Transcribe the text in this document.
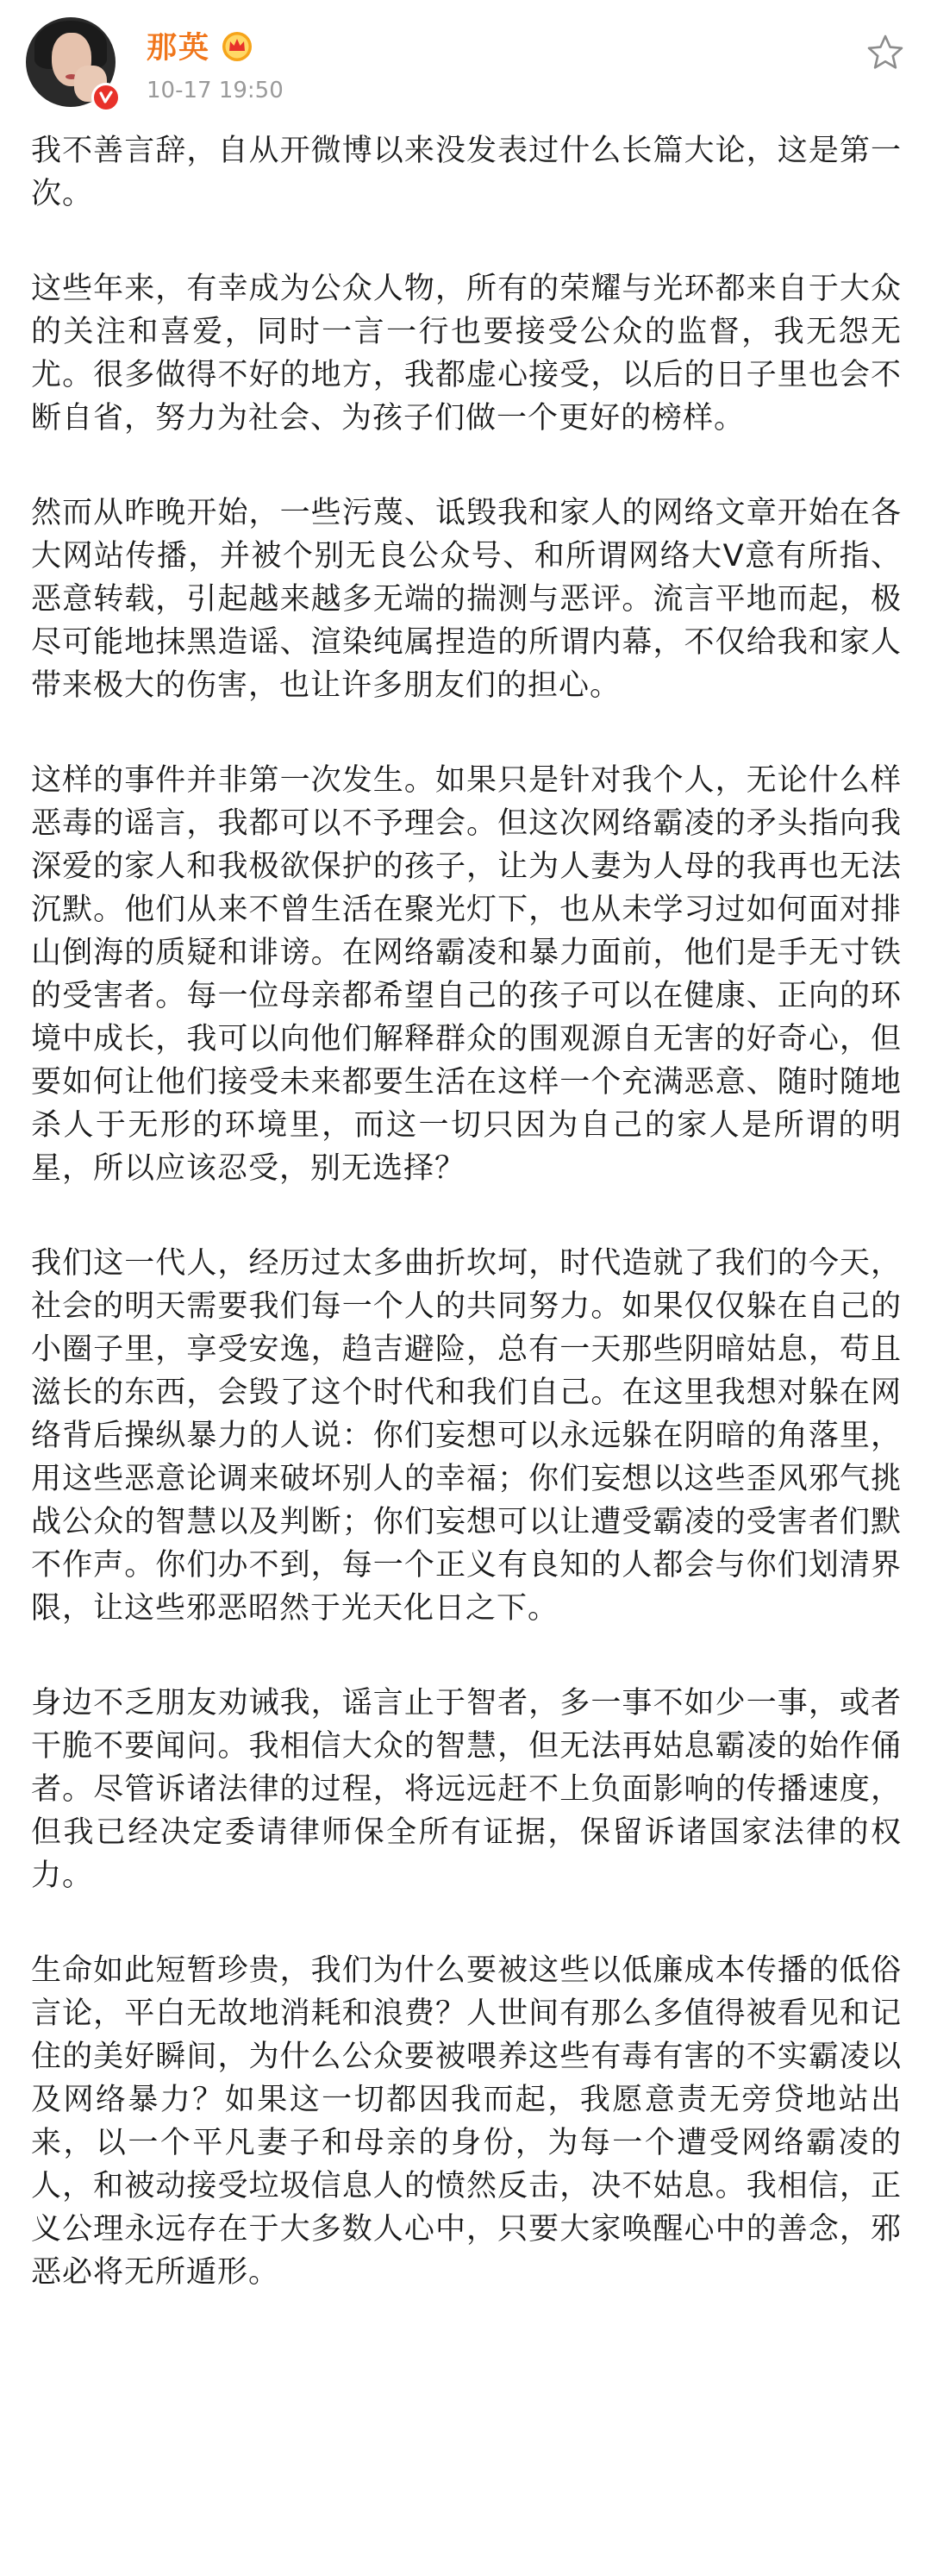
那英
10-17 19:50

我不善言辞，自从开微博以来没发表过什么长篇大论，这是第一次。

这些年来，有幸成为公众人物，所有的荣耀与光环都来自于大众的关注和喜爱，同时一言一行也要接受公众的监督，我无怨无尤。很多做得不好的地方，我都虚心接受，以后的日子里也会不断自省，努力为社会、为孩子们做一个更好的榜样。

然而从昨晚开始，一些污蔑、诋毁我和家人的网络文章开始在各大网站传播，并被个别无良公众号、和所谓网络大V意有所指、恶意转载，引起越来越多无端的揣测与恶评。流言平地而起，极尽可能地抹黑造谣、渲染纯属捏造的所谓内幕，不仅给我和家人带来极大的伤害，也让许多朋友们的担心。

这样的事件并非第一次发生。如果只是针对我个人，无论什么样恶毒的谣言，我都可以不予理会。但这次网络霸凌的矛头指向我深爱的家人和我极欲保护的孩子，让为人妻为人母的我再也无法沉默。他们从来不曾生活在聚光灯下，也从未学习过如何面对排山倒海的质疑和诽谤。在网络霸凌和暴力面前，他们是手无寸铁的受害者。每一位母亲都希望自己的孩子可以在健康、正向的环境中成长，我可以向他们解释群众的围观源自无害的好奇心，但要如何让他们接受未来都要生活在这样一个充满恶意、随时随地杀人于无形的环境里，而这一切只因为自己的家人是所谓的明星，所以应该忍受，别无选择？

我们这一代人，经历过太多曲折坎坷，时代造就了我们的今天，社会的明天需要我们每一个人的共同努力。如果仅仅躲在自己的小圈子里，享受安逸，趋吉避险，总有一天那些阴暗姑息，苟且滋长的东西，会毁了这个时代和我们自己。在这里我想对躲在网络背后操纵暴力的人说：你们妄想可以永远躲在阴暗的角落里，用这些恶意论调来破坏别人的幸福；你们妄想以这些歪风邪气挑战公众的智慧以及判断；你们妄想可以让遭受霸凌的受害者们默不作声。你们办不到，每一个正义有良知的人都会与你们划清界限，让这些邪恶昭然于光天化日之下。

身边不乏朋友劝诫我，谣言止于智者，多一事不如少一事，或者干脆不要闻问。我相信大众的智慧，但无法再姑息霸凌的始作俑者。尽管诉诸法律的过程，将远远赶不上负面影响的传播速度，但我已经决定委请律师保全所有证据，保留诉诸国家法律的权力。

生命如此短暂珍贵，我们为什么要被这些以低廉成本传播的低俗言论，平白无故地消耗和浪费？人世间有那么多值得被看见和记住的美好瞬间，为什么公众要被喂养这些有毒有害的不实霸凌以及网络暴力？如果这一切都因我而起，我愿意责无旁贷地站出来，以一个平凡妻子和母亲的身份，为每一个遭受网络霸凌的人，和被动接受垃圾信息人的愤然反击，决不姑息。我相信，正义公理永远存在于大多数人心中，只要大家唤醒心中的善念，邪恶必将无所遁形。
